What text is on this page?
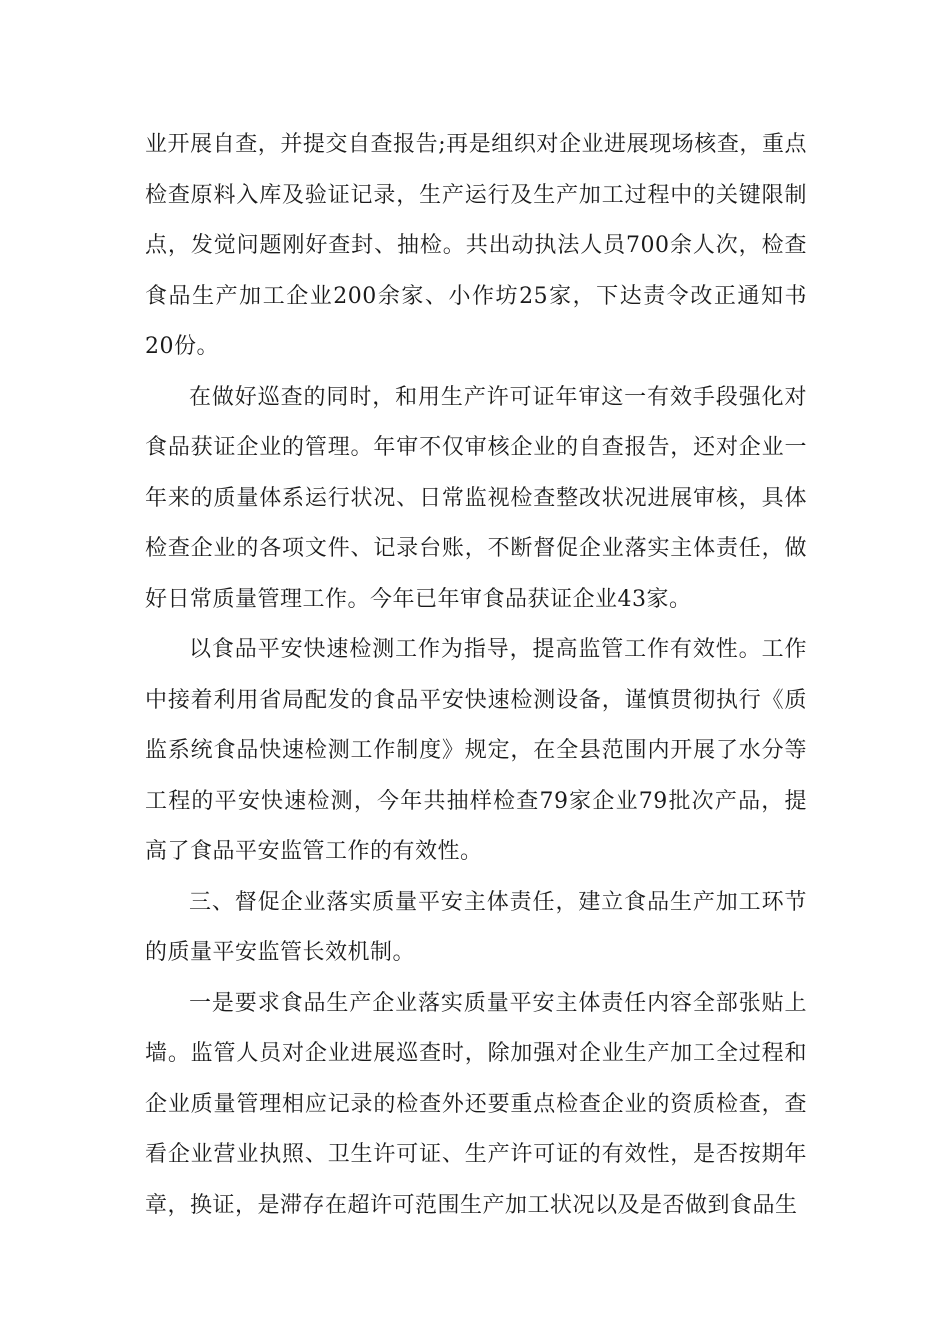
业开展自查，并提交自查报告;再是组织对企业进展现场核查，重点检查原料入库及验证记录，生产运行及生产加工过程中的关键限制点，发觉问题刚好查封、抽检。共出动执法人员700余人次，检查食品生产加工企业200余家、小作坊25家，下达责令改正通知书20份。

在做好巡查的同时，和用生产许可证年审这一有效手段强化对食品获证企业的管理。年审不仅审核企业的自查报告，还对企业一年来的质量体系运行状况、日常监视检查整改状况进展审核，具体检查企业的各项文件、记录台账，不断督促企业落实主体责任，做好日常质量管理工作。今年已年审食品获证企业43家。

以食品平安快速检测工作为指导，提高监管工作有效性。工作中接着利用省局配发的食品平安快速检测设备，谨慎贯彻执行《质监系统食品快速检测工作制度》规定，在全县范围内开展了水分等工程的平安快速检测，今年共抽样检查79家企业79批次产品，提高了食品平安监管工作的有效性。

三、督促企业落实质量平安主体责任，建立食品生产加工环节的质量平安监管长效机制。

一是要求食品生产企业落实质量平安主体责任内容全部张贴上墙。监管人员对企业进展巡查时，除加强对企业生产加工全过程和企业质量管理相应记录的检查外还要重点检查企业的资质检查，查看企业营业执照、卫生许可证、生产许可证的有效性，是否按期年章，换证，是滞存在超许可范围生产加工状况以及是否做到食品生
